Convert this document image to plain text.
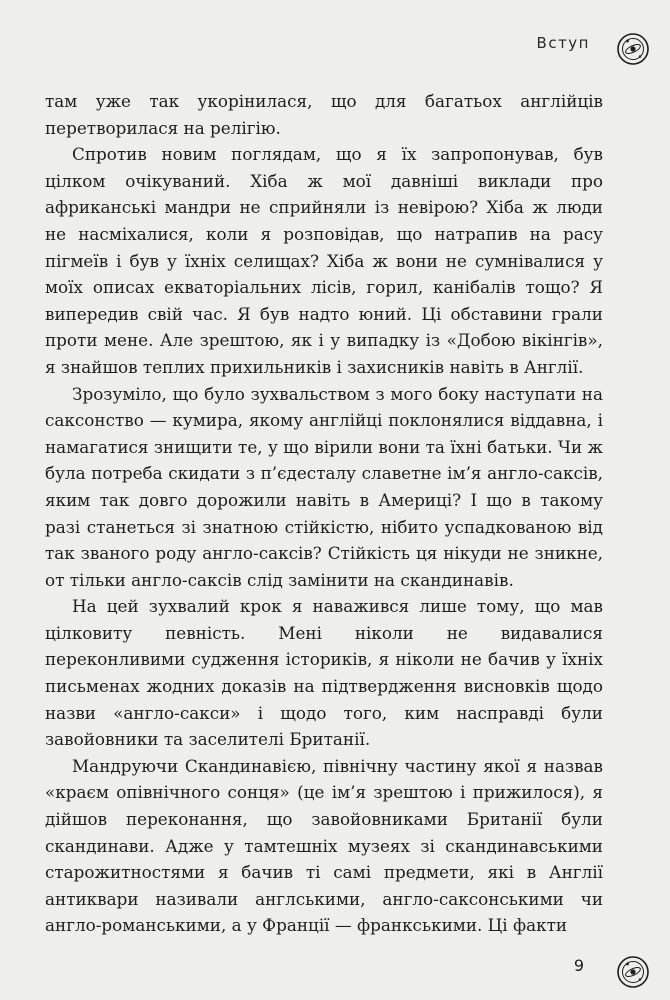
Вступ

там уже так укорінилася, що для багатьох англійців перетворилася на релігію.

Спротив новим поглядам, що я їх запропонував, був цілком очікуваний. Хіба ж мої давніші виклади про африканські мандри не сприйняли із невірою? Хіба ж люди не насміхалися, коли я розповідав, що натрапив на расу пігмеїв і був у їхніх селищах? Хіба ж вони не сумнівалися у моїх описах екваторіальних лісів, горил, канібалів тощо? Я випередив свій час. Я був надто юний. Ці обставини грали проти мене. Але зрештою, як і у випадку із «Добою вікінгів», я знайшов теплих прихильників і захисників навіть в Англії.

Зрозуміло, що було зухвальством з мого боку наступати на саксонство — кумира, якому англійці поклонялися віддавна, і намагатися знищити те, у що вірили вони та їхні батьки. Чи ж була потреба скидати з п’єдесталу славетне ім’я англо-саксів, яким так довго дорожили навіть в Америці? І що в такому разі станеться зі знатною стійкістю, нібито успадкованою від так званого роду англо-саксів? Стійкість ця нікуди не зникне, от тільки англо-саксів слід замінити на скандинавів.

На цей зухвалий крок я наважився лише тому, що мав цілковиту певність. Мені ніколи не видавалися переконливими судження істориків, я ніколи не бачив у їхніх письменах жодних доказів на підтвердження висновків щодо назви «англо-сакси» і щодо того, ким насправді були завойовники та заселителі Британії.

Мандруючи Скандинавією, північну частину якої я назвав «краєм опівнічного сонця» (це ім’я зрештою і прижилося), я дійшов переконання, що завойовниками Британії були скандинави. Адже у тамтешніх музеях зі скандинавськими старожитностями я бачив ті самі предмети, які в Англії антиквари називали англськими, англо-саксонськими чи англо-романськими, а у Франції — франкськими. Ці факти

9
